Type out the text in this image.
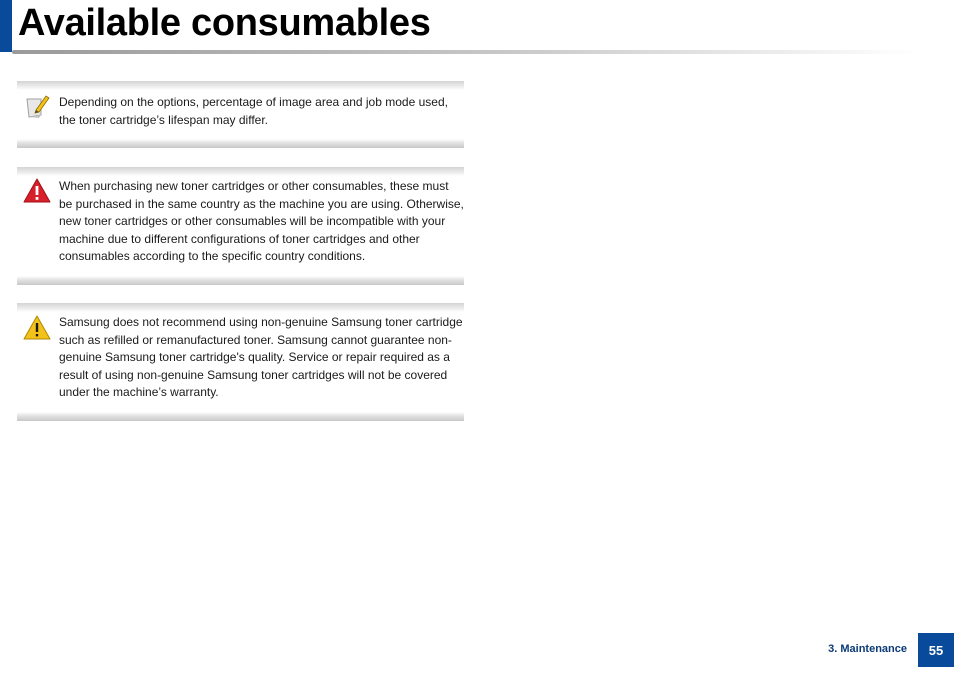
Available consumables
Depending on the options, percentage of image area and job mode used, the toner cartridge’s lifespan may differ.
When purchasing new toner cartridges or other consumables, these must be purchased in the same country as the machine you are using. Otherwise, new toner cartridges or other consumables will be incompatible with your machine due to different configurations of toner cartridges and other consumables according to the specific country conditions.
Samsung does not recommend using non-genuine Samsung toner cartridge such as refilled or remanufactured toner. Samsung cannot guarantee non-genuine Samsung toner cartridge's quality. Service or repair required as a result of using non-genuine Samsung toner cartridges will not be covered under the machine’s warranty.
3. Maintenance	55
